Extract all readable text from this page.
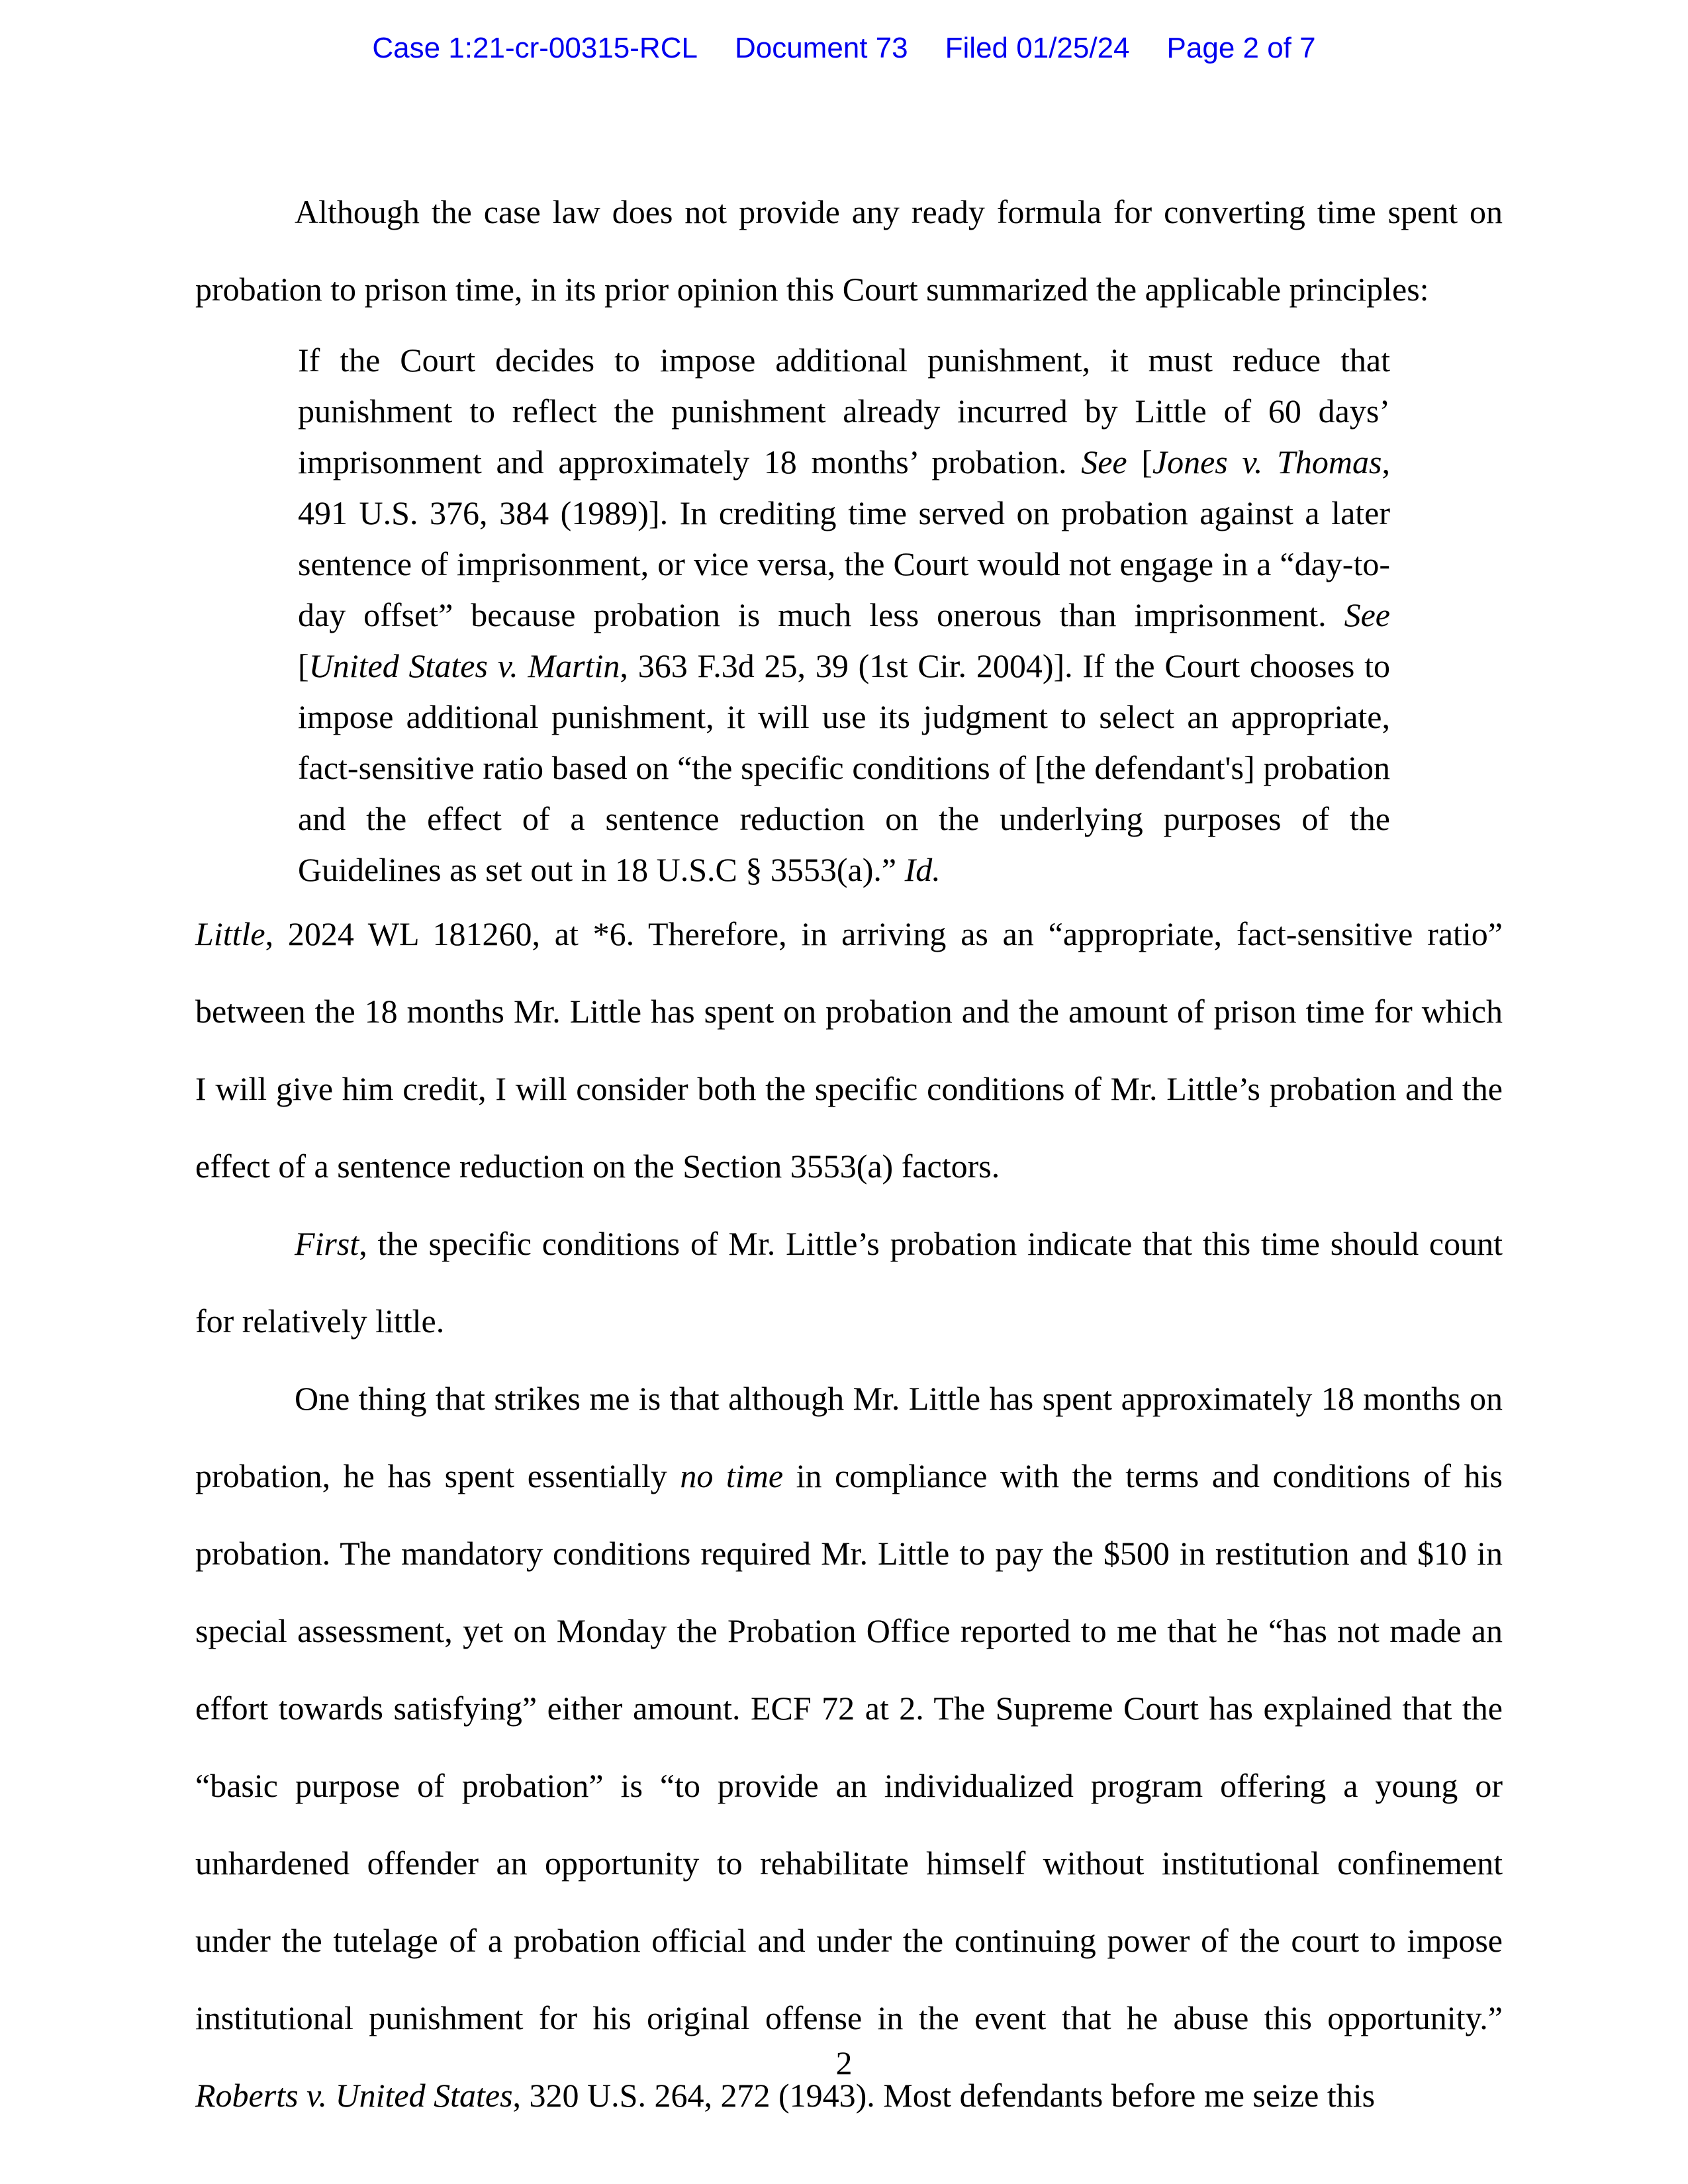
Case 1:21-cr-00315-RCL Document 73 Filed 01/25/24 Page 2 of 7

Although the case law does not provide any ready formula for converting time spent on probation to prison time, in its prior opinion this Court summarized the applicable principles:

If the Court decides to impose additional punishment, it must reduce that punishment to reflect the punishment already incurred by Little of 60 days’ imprisonment and approximately 18 months’ probation. See [Jones v. Thomas, 491 U.S. 376, 384 (1989)]. In crediting time served on probation against a later sentence of imprisonment, or vice versa, the Court would not engage in a “day-to-day offset” because probation is much less onerous than imprisonment. See [United States v. Martin, 363 F.3d 25, 39 (1st Cir. 2004)]. If the Court chooses to impose additional punishment, it will use its judgment to select an appropriate, fact-sensitive ratio based on “the specific conditions of [the defendant's] probation and the effect of a sentence reduction on the underlying purposes of the Guidelines as set out in 18 U.S.C § 3553(a).” Id.

Little, 2024 WL 181260, at *6. Therefore, in arriving as an “appropriate, fact-sensitive ratio” between the 18 months Mr. Little has spent on probation and the amount of prison time for which I will give him credit, I will consider both the specific conditions of Mr. Little’s probation and the effect of a sentence reduction on the Section 3553(a) factors.

First, the specific conditions of Mr. Little’s probation indicate that this time should count for relatively little.

One thing that strikes me is that although Mr. Little has spent approximately 18 months on probation, he has spent essentially no time in compliance with the terms and conditions of his probation. The mandatory conditions required Mr. Little to pay the $500 in restitution and $10 in special assessment, yet on Monday the Probation Office reported to me that he “has not made an effort towards satisfying” either amount. ECF 72 at 2. The Supreme Court has explained that the “basic purpose of probation” is “to provide an individualized program offering a young or unhardened offender an opportunity to rehabilitate himself without institutional confinement under the tutelage of a probation official and under the continuing power of the court to impose institutional punishment for his original offense in the event that he abuse this opportunity.” Roberts v. United States, 320 U.S. 264, 272 (1943). Most defendants before me seize this

2
